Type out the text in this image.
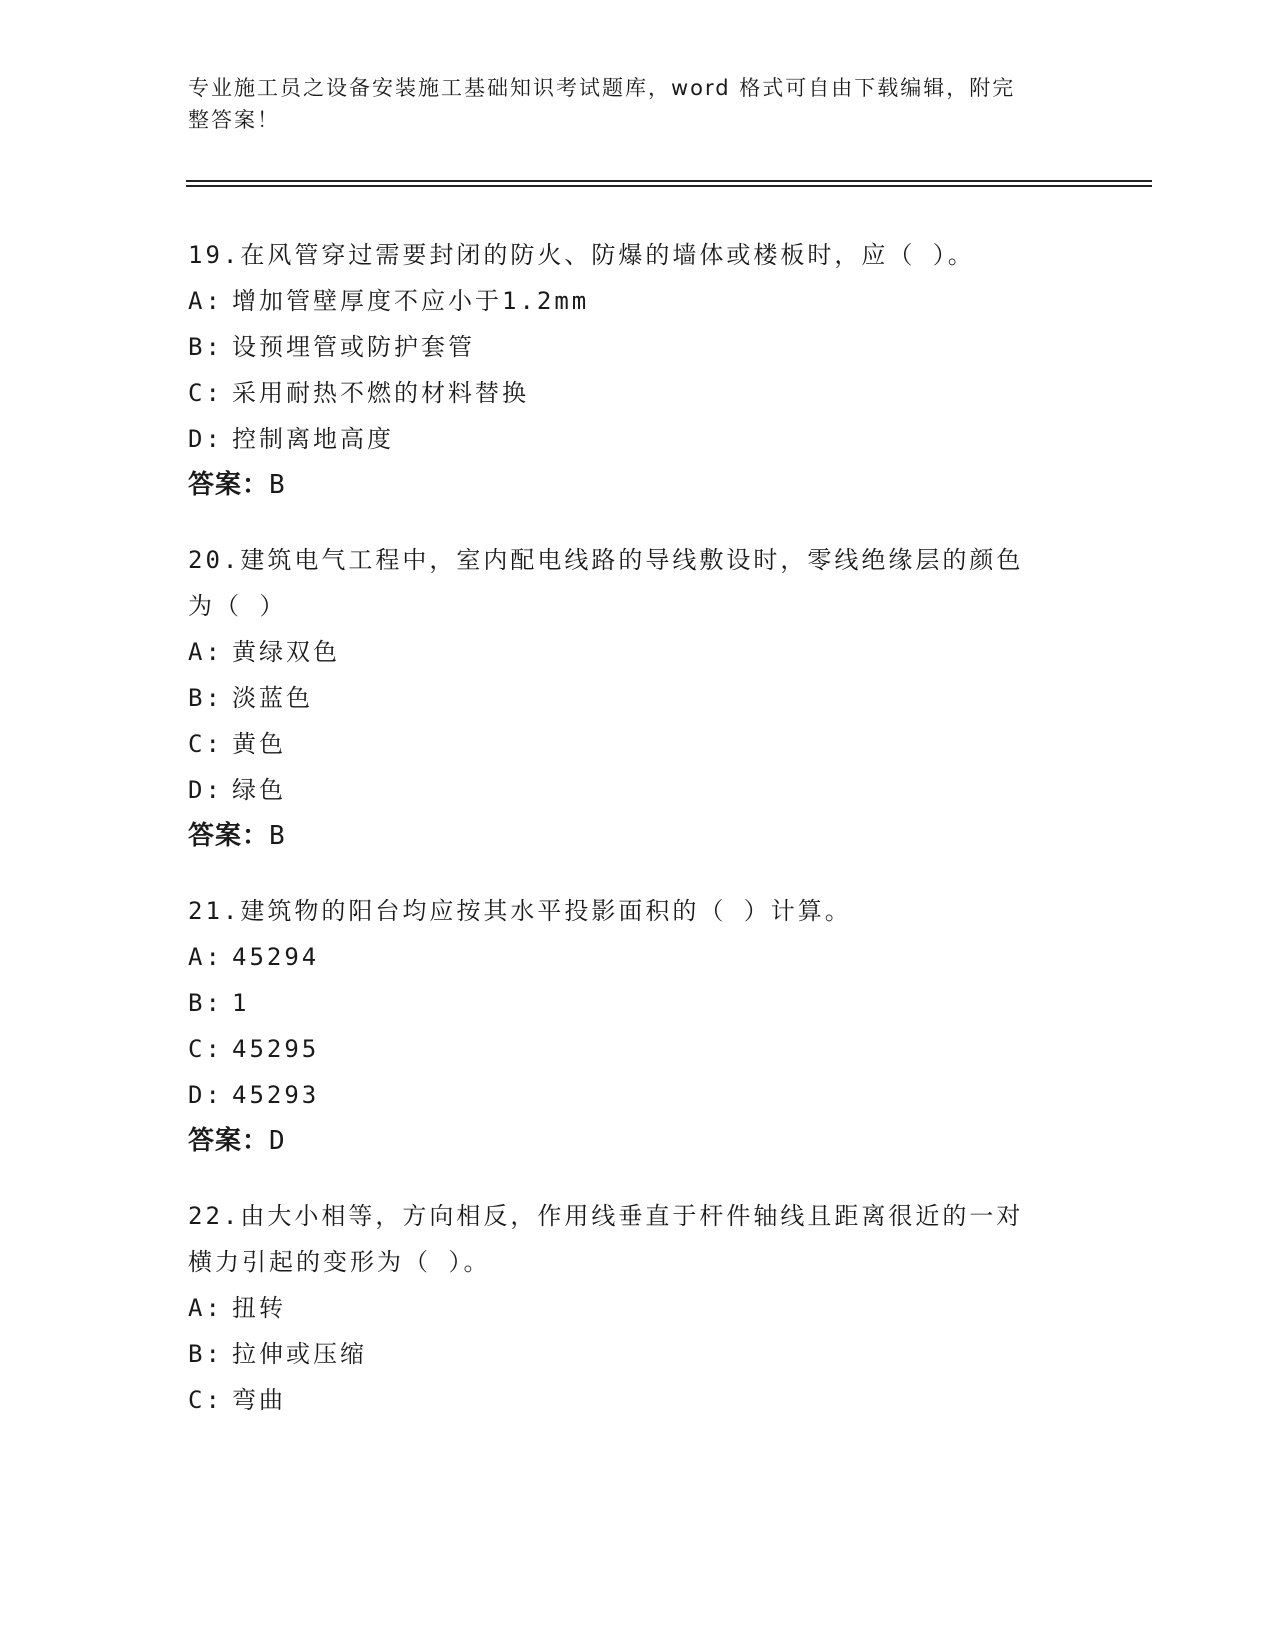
专业施工员之设备安装施工基础知识考试题库，word 格式可自由下载编辑，附完
整答案！
19.在风管穿过需要封闭的防火、防爆的墙体或楼板时，应（ ）。
A: 增加管壁厚度不应小于1.2mm
B: 设预埋管或防护套管
C: 采用耐热不燃的材料替换
D: 控制离地高度
答案：B
20.建筑电气工程中，室内配电线路的导线敷设时，零线绝缘层的颜色
为（ ）
A: 黄绿双色
B: 淡蓝色
C: 黄色
D: 绿色
答案：B
21.建筑物的阳台均应按其水平投影面积的（ ）计算。
A: 45294
B: 1
C: 45295
D: 45293
答案：D
22.由大小相等，方向相反，作用线垂直于杆件轴线且距离很近的一对
横力引起的变形为（ ）。
A: 扭转
B: 拉伸或压缩
C: 弯曲
